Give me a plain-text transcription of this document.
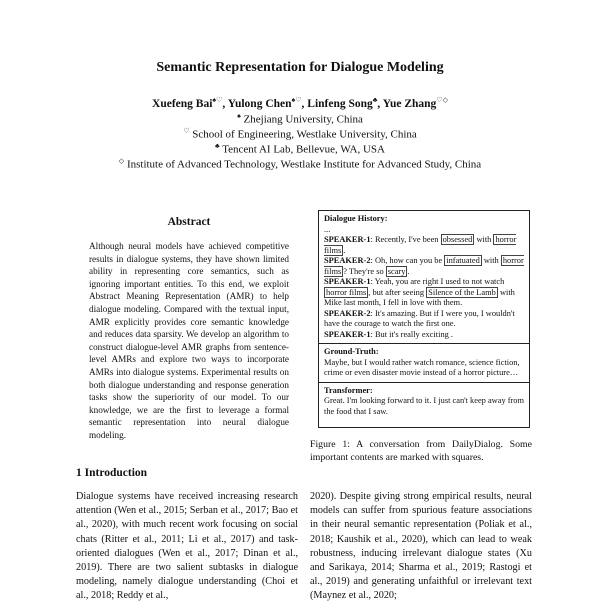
Semantic Representation for Dialogue Modeling
Xuefeng Bai♠♡, Yulong Chen♠♡, Linfeng Song♣, Yue Zhang♡◇
♠ Zhejiang University, China
♡ School of Engineering, Westlake University, China
♣ Tencent AI Lab, Bellevue, WA, USA
◇ Institute of Advanced Technology, Westlake Institute for Advanced Study, China
Abstract
Although neural models have achieved competitive results in dialogue systems, they have shown limited ability in representing core semantics, such as ignoring important entities. To this end, we exploit Abstract Meaning Representation (AMR) to help dialogue modeling. Compared with the textual input, AMR explicitly provides core semantic knowledge and reduces data sparsity. We develop an algorithm to construct dialogue-level AMR graphs from sentence-level AMRs and explore two ways to incorporate AMRs into dialogue systems. Experimental results on both dialogue understanding and response generation tasks show the superiority of our model. To our knowledge, we are the first to leverage a formal semantic representation into neural dialogue modeling.
Dialogue History:
...
SPEAKER-1: Recently, I've been obsessed with horror films .
SPEAKER-2: Oh, how can you be infatuated with horror films ? They're so scary .
SPEAKER-1: Yeah, you are right I used to not watch horror films , but after seeing Silence of the Lamb with Mike last month, I fell in love with them.
SPEAKER-2: It's amazing. But if I were you, I wouldn't have the courage to watch the first one.
SPEAKER-1: But it's really exciting .
Ground-Truth:
Maybe, but I would rather watch romance, science fiction, crime or even disaster movie instead of a horror picture…
Transformer:
Great. I'm looking forward to it. I just can't keep away from the food that I saw.
Figure 1: A conversation from DailyDialog. Some important contents are marked with squares.
1 Introduction
Dialogue systems have received increasing research attention (Wen et al., 2015; Serban et al., 2017; Bao et al., 2020), with much recent work focusing on social chats (Ritter et al., 2011; Li et al., 2017) and task-oriented dialogues (Wen et al., 2017; Dinan et al., 2019). There are two salient subtasks in dialogue modeling, namely dialogue understanding (Choi et al., 2018; Reddy et al.,
2020). Despite giving strong empirical results, neural models can suffer from spurious feature associations in their neural semantic representation (Poliak et al., 2018; Kaushik et al., 2020), which can lead to weak robustness, inducing irrelevant dialogue states (Xu and Sarikaya, 2014; Sharma et al., 2019; Rastogi et al., 2019) and generating unfaithful or irrelevant text (Maynez et al., 2020;
